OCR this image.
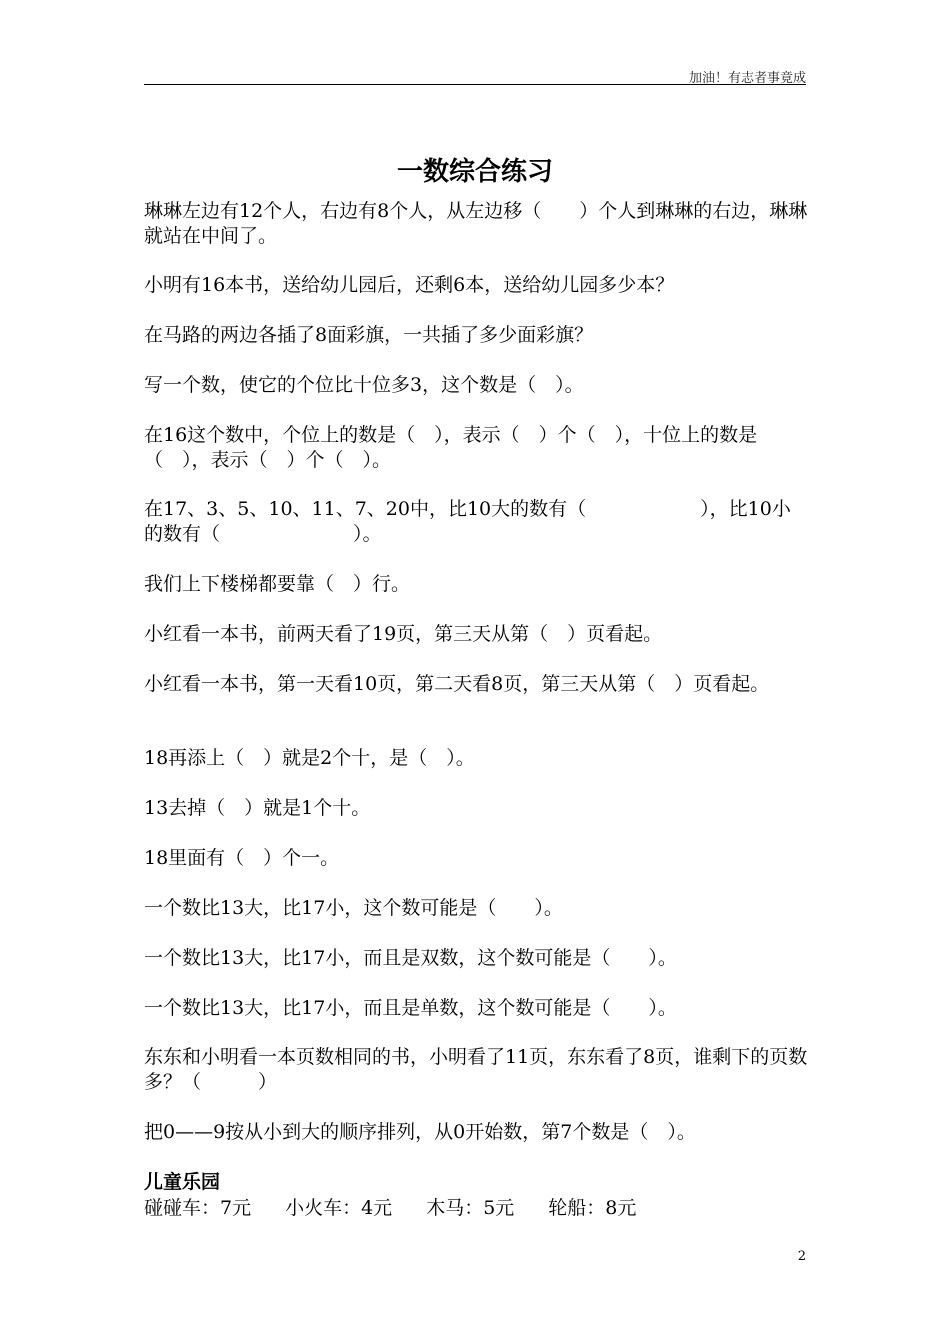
加油！有志者事竟成
一数综合练习

琳琳左边有12个人，右边有8个人，从左边移（　　）个人到琳琳的右边，琳琳就站在中间了。

小明有16本书，送给幼儿园后，还剩6本，送给幼儿园多少本？

在马路的两边各插了8面彩旗，一共插了多少面彩旗？

写一个数，使它的个位比十位多3，这个数是（　）。

在16这个数中，个位上的数是（　），表示（　）个（　），十位上的数是（　），表示（　）个（　）。

在17、3、5、10、11、7、20中，比10大的数有（　　　　　　），比10小的数有（　　　　　　　）。

我们上下楼梯都要靠（　）行。

小红看一本书，前两天看了19页，第三天从第（　）页看起。

小红看一本书，第一天看10页，第二天看8页，第三天从第（　）页看起。

18再添上（　）就是2个十，是（　）。

13去掉（　）就是1个十。

18里面有（　）个一。

一个数比13大，比17小，这个数可能是（　　）。

一个数比13大，比17小，而且是双数，这个数可能是（　　）。

一个数比13大，比17小，而且是单数，这个数可能是（　　）。

东东和小明看一本页数相同的书，小明看了11页，东东看了8页，谁剩下的页数多？（　　　）

把0——9按从小到大的顺序排列，从0开始数，第7个数是（　）。

儿童乐园
碰碰车：7元 小火车：4元 木马：5元 轮船：8元
2
